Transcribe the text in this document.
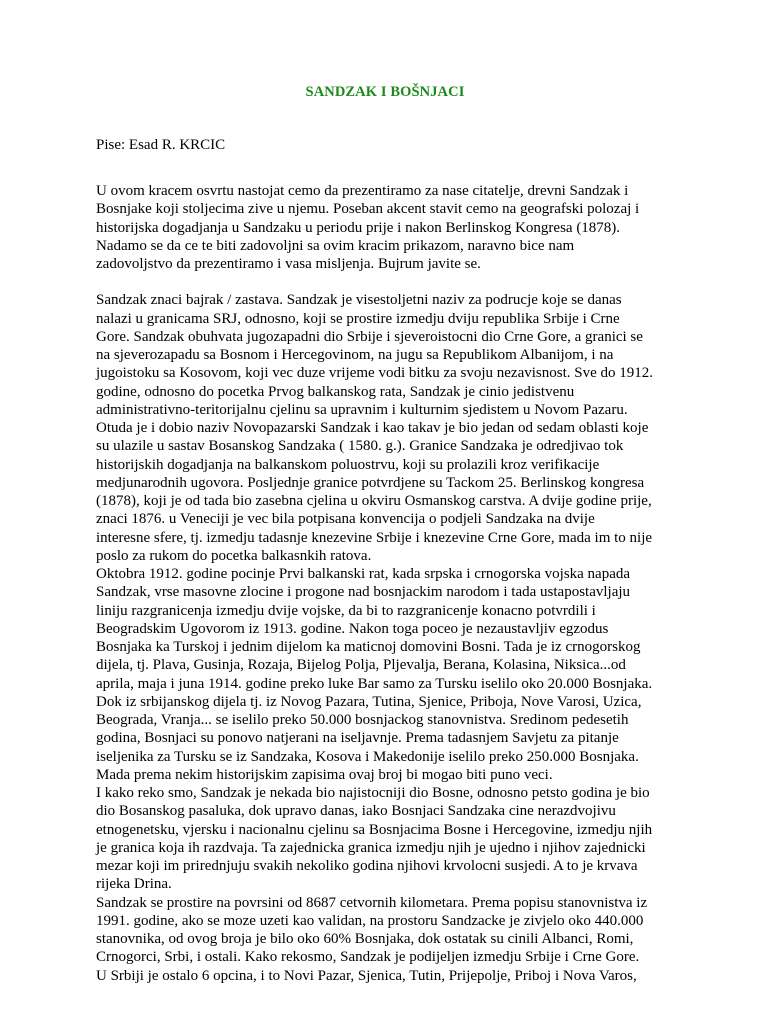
SANDZAK I BOŠNJACI

Pise: Esad R. KRCIC

U ovom kracem osvrtu nastojat cemo da prezentiramo za nase citatelje, drevni Sandzak i
Bosnjake koji stoljecima zive u njemu. Poseban akcent stavit cemo na geografski polozaj i
historijska dogadjanja u Sandzaku u periodu prije i nakon Berlinskog Kongresa (1878).
Nadamo se da ce te biti zadovoljni sa ovim kracim prikazom, naravno bice nam
zadovoljstvo da prezentiramo i vasa misljenja. Bujrum javite se.

Sandzak znaci bajrak / zastava. Sandzak je visestoljetni naziv za podrucje koje se danas
nalazi u granicama SRJ, odnosno, koji se prostire izmedju dviju republika Srbije i Crne
Gore. Sandzak obuhvata jugozapadni dio Srbije i sjeveroistocni dio Crne Gore, a granici se
na sjeverozapadu sa Bosnom i Hercegovinom, na jugu sa Republikom Albanijom, i na
jugoistoku sa Kosovom, koji vec duze vrijeme vodi bitku za svoju nezavisnost. Sve do 1912.
godine, odnosno do pocetka Prvog balkanskog rata, Sandzak je cinio jedistvenu
administrativno-teritorijalnu cjelinu sa upravnim i kulturnim sjedistem u Novom Pazaru.
Otuda je i dobio naziv Novopazarski Sandzak i kao takav je bio jedan od sedam oblasti koje
su ulazile u sastav Bosanskog Sandzaka ( 1580. g.). Granice Sandzaka je odredjivao tok
historijskih dogadjanja na balkanskom poluostrvu, koji su prolazili kroz verifikacije
medjunarodnih ugovora. Posljednje granice potvrdjene su Tackom 25. Berlinskog kongresa
(1878), koji je od tada bio zasebna cjelina u okviru Osmanskog carstva. A dvije godine prije,
znaci 1876. u Veneciji je vec bila potpisana konvencija o podjeli Sandzaka na dvije
interesne sfere, tj. izmedju tadasnje knezevine Srbije i knezevine Crne Gore, mada im to nije
poslo za rukom do pocetka balkasnkih ratova.

Oktobra 1912. godine pocinje Prvi balkanski rat, kada srpska i crnogorska vojska napada
Sandzak, vrse masovne zlocine i progone nad bosnjackim narodom i tada ustapostavljaju
liniju razgranicenja izmedju dvije vojske, da bi to razgranicenje konacno potvrdili i
Beogradskim Ugovorom iz 1913. godine. Nakon toga poceo je nezaustavljiv egzodus
Bosnjaka ka Turskoj i jednim dijelom ka maticnoj domovini Bosni. Tada je iz crnogorskog
dijela, tj. Plava, Gusinja, Rozaja, Bijelog Polja, Pljevalja, Berana, Kolasina, Niksica...od
aprila, maja i juna 1914. godine preko luke Bar samo za Tursku iselilo oko 20.000 Bosnjaka.
Dok iz srbijanskog dijela tj. iz Novog Pazara, Tutina, Sjenice, Priboja, Nove Varosi, Uzica,
Beograda, Vranja... se iselilo preko 50.000 bosnjackog stanovnistva. Sredinom pedesetih
godina, Bosnjaci su ponovo natjerani na iseljavnje. Prema tadasnjem Savjetu za pitanje
iseljenika za Tursku se iz Sandzaka, Kosova i Makedonije iselilo preko 250.000 Bosnjaka.
Mada prema nekim historijskim zapisima ovaj broj bi mogao biti puno veci.

I kako reko smo, Sandzak je nekada bio najistocniji dio Bosne, odnosno petsto godina je bio
dio Bosanskog pasaluka, dok upravo danas, iako Bosnjaci Sandzaka cine nerazdvojivu
etnogenetsku, vjersku i nacionalnu cjelinu sa Bosnjacima Bosne i Hercegovine, izmedju njih
je granica koja ih razdvaja. Ta zajednicka granica izmedju njih je ujedno i njihov zajednicki
mezar koji im prirednjuju svakih nekoliko godina njihovi krvolocni susjedi. A to je krvava
rijeka Drina.

Sandzak se prostire na povrsini od 8687 cetvornih kilometara. Prema popisu stanovnistva iz
1991. godine, ako se moze uzeti kao validan, na prostoru Sandzacke je zivjelo oko 440.000
stanovnika, od ovog broja je bilo oko 60% Bosnjaka, dok ostatak su cinili Albanci, Romi,
Crnogorci, Srbi, i ostali. Kako rekosmo, Sandzak je podijeljen izmedju Srbije i Crne Gore.
U Srbiji je ostalo 6 opcina, i to Novi Pazar, Sjenica, Tutin, Prijepolje, Priboj i Nova Varos,
